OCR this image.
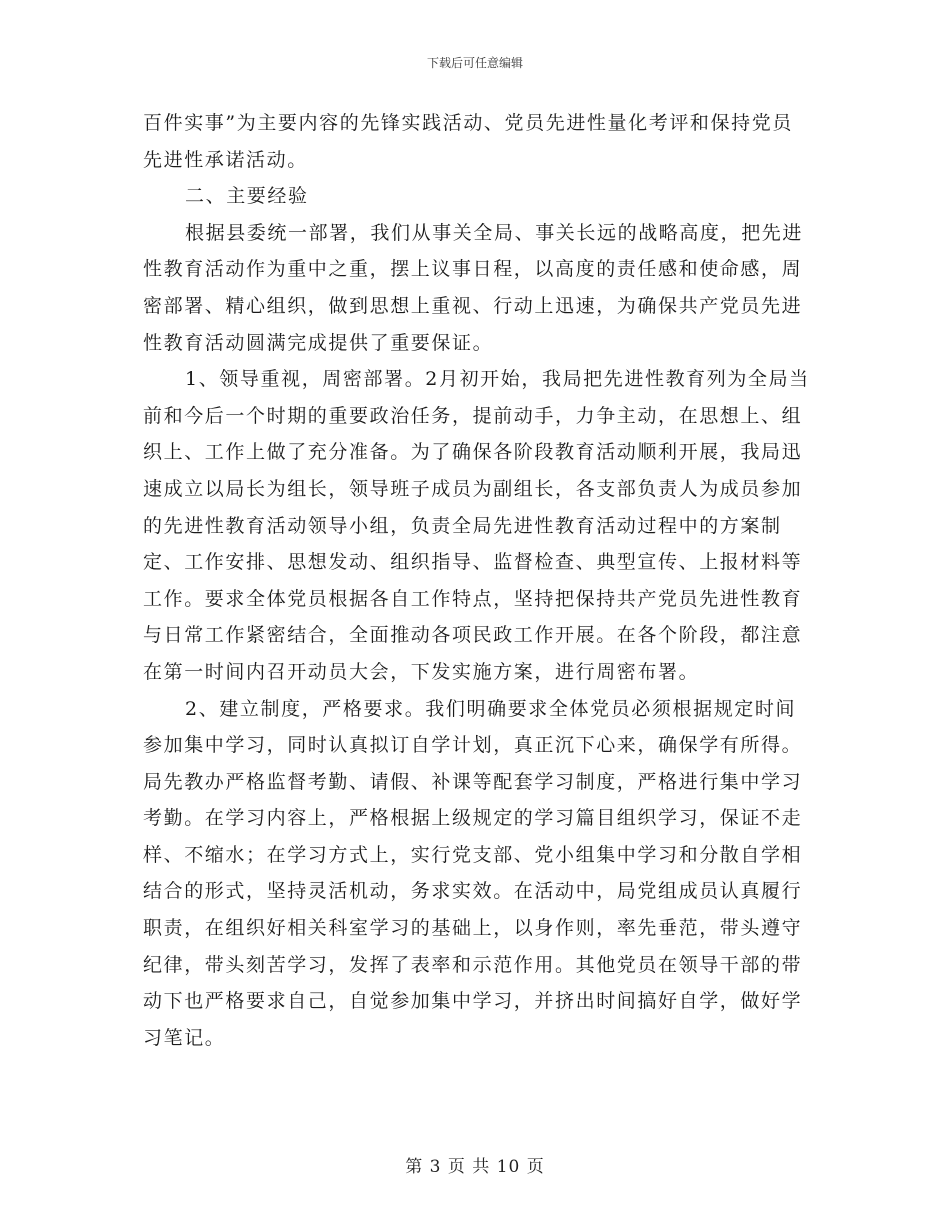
下载后可任意编辑

百件实事”为主要内容的先锋实践活动、党员先进性量化考评和保持党员先进性承诺活动。

二、主要经验

根据县委统一部署，我们从事关全局、事关长远的战略高度，把先进性教育活动作为重中之重，摆上议事日程，以高度的责任感和使命感，周密部署、精心组织，做到思想上重视、行动上迅速，为确保共产党员先进性教育活动圆满完成提供了重要保证。

1、领导重视，周密部署。2月初开始，我局把先进性教育列为全局当前和今后一个时期的重要政治任务，提前动手，力争主动，在思想上、组织上、工作上做了充分准备。为了确保各阶段教育活动顺利开展，我局迅速成立以局长为组长，领导班子成员为副组长，各支部负责人为成员参加的先进性教育活动领导小组，负责全局先进性教育活动过程中的方案制定、工作安排、思想发动、组织指导、监督检查、典型宣传、上报材料等工作。要求全体党员根据各自工作特点，坚持把保持共产党员先进性教育与日常工作紧密结合，全面推动各项民政工作开展。在各个阶段，都注意在第一时间内召开动员大会，下发实施方案，进行周密布署。

2、建立制度，严格要求。我们明确要求全体党员必须根据规定时间参加集中学习，同时认真拟订自学计划，真正沉下心来，确保学有所得。局先教办严格监督考勤、请假、补课等配套学习制度，严格进行集中学习考勤。在学习内容上，严格根据上级规定的学习篇目组织学习，保证不走样、不缩水；在学习方式上，实行党支部、党小组集中学习和分散自学相结合的形式，坚持灵活机动，务求实效。在活动中，局党组成员认真履行职责，在组织好相关科室学习的基础上，以身作则，率先垂范，带头遵守纪律，带头刻苦学习，发挥了表率和示范作用。其他党员在领导干部的带动下也严格要求自己，自觉参加集中学习，并挤出时间搞好自学，做好学习笔记。

第 3 页 共 10 页
